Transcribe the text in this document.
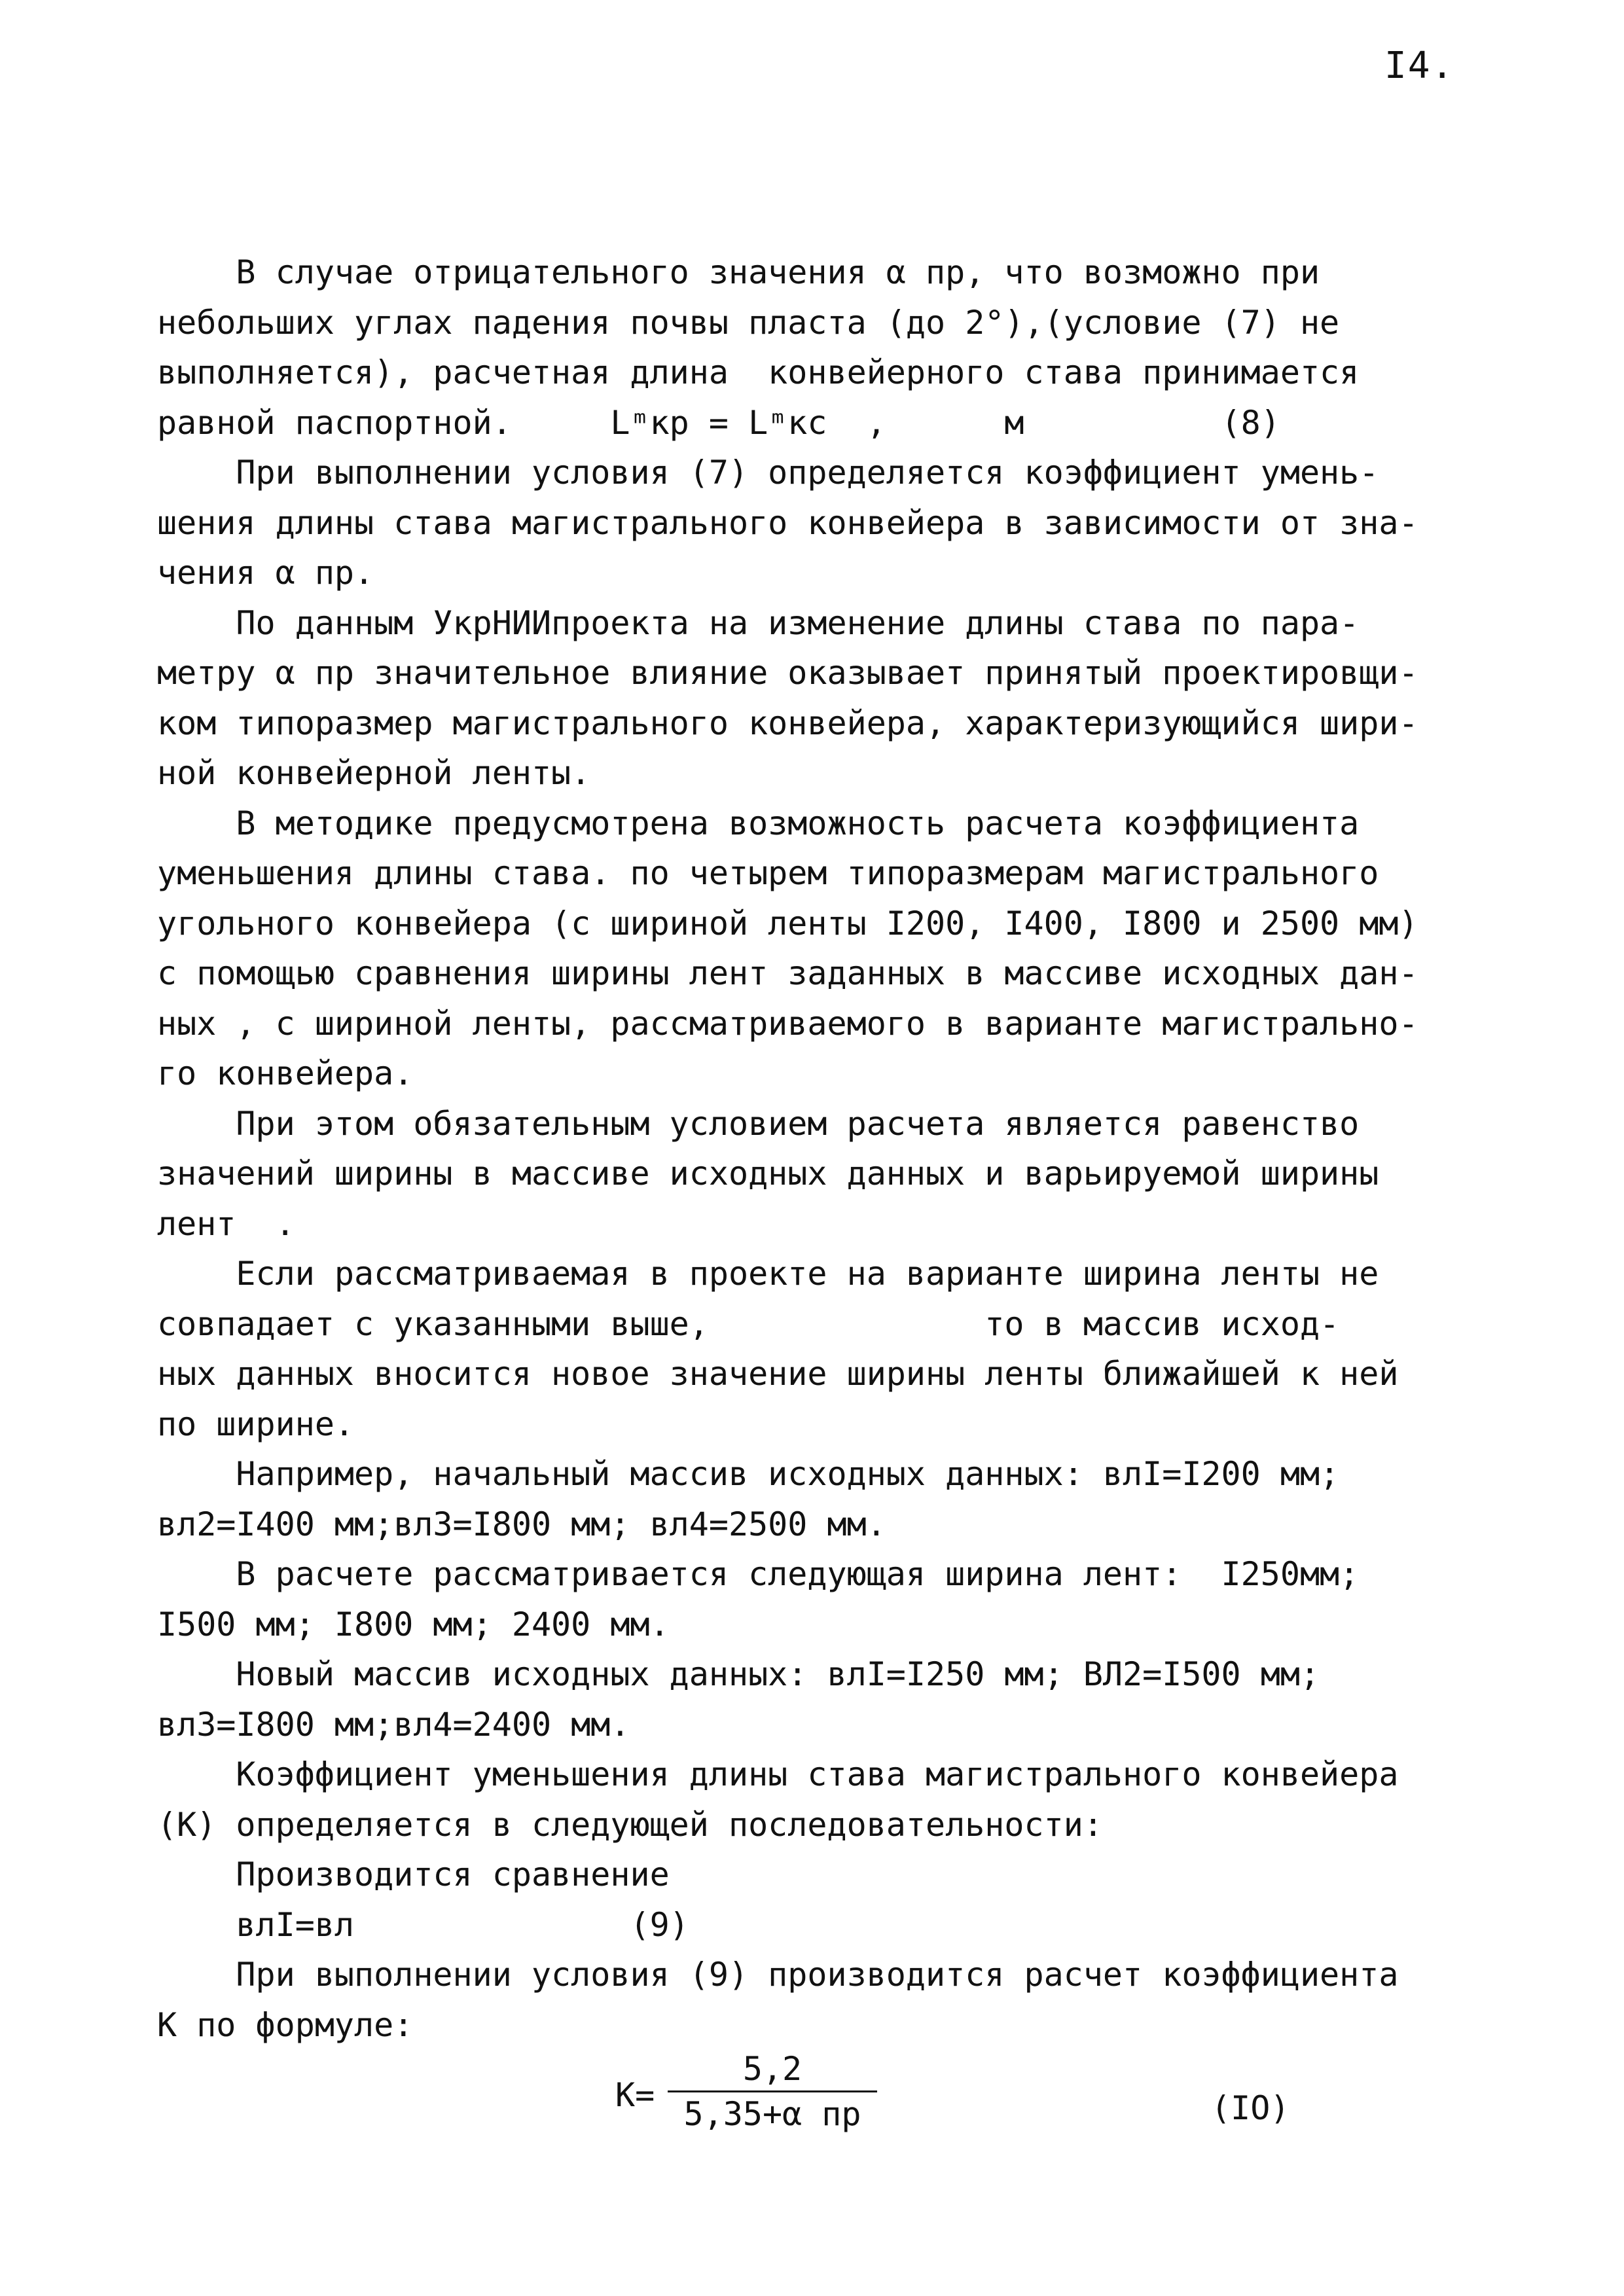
I4.
В случае отрицательного значения α пр, что возможно при
небольших углах падения почвы пласта (до 2°),(условие (7) не
выполняется), расчетная длина  конвейерного става принимается
равной паспортной.     Lᵐкр = Lᵐкс  ,      м          (8)
При выполнении условия (7) определяется коэффициент умень-
шения длины става магистрального конвейера в зависимости от зна-
чения α пр.
По данным УкрНИИпроекта на изменение длины става по пара-
метру α пр значительное влияние оказывает принятый проектировщи-
ком типоразмер магистрального конвейера, характеризующийся шири-
ной конвейерной ленты.
В методике предусмотрена возможность расчета коэффициента
уменьшения длины става. по четырем типоразмерам магистрального
угольного конвейера (с шириной ленты I200, I400, I800 и 2500 мм)
с помощью сравнения ширины лент заданных в массиве исходных дан-
ных , с шириной ленты, рассматриваемого в варианте магистрально-
го конвейера.
При этом обязательным условием расчета является равенство
значений ширины в массиве исходных данных и варьируемой ширины
лент  .
Если рассматриваемая в проекте на варианте ширина ленты не
совпадает с указанными выше,              то в массив исход-
ных данных вносится новое значение ширины ленты ближайшей к ней
по ширине.
Например, начальный массив исходных данных: влI=I200 мм;
вл2=I400 мм;вл3=I800 мм; вл4=2500 мм.
В расчете рассматривается следующая ширина лент:  I250мм;
I500 мм; I800 мм; 2400 мм.
Новый массив исходных данных: влI=I250 мм; ВЛ2=I500 мм;
вл3=I800 мм;вл4=2400 мм.
Коэффициент уменьшения длины става магистрального конвейера
(К) определяется в следующей последовательности:
Производится сравнение
влI=вл              (9)
При выполнении условия (9) производится расчет коэффициента
К по формуле:
К=
5,2
5,35+α пр	(IO)
